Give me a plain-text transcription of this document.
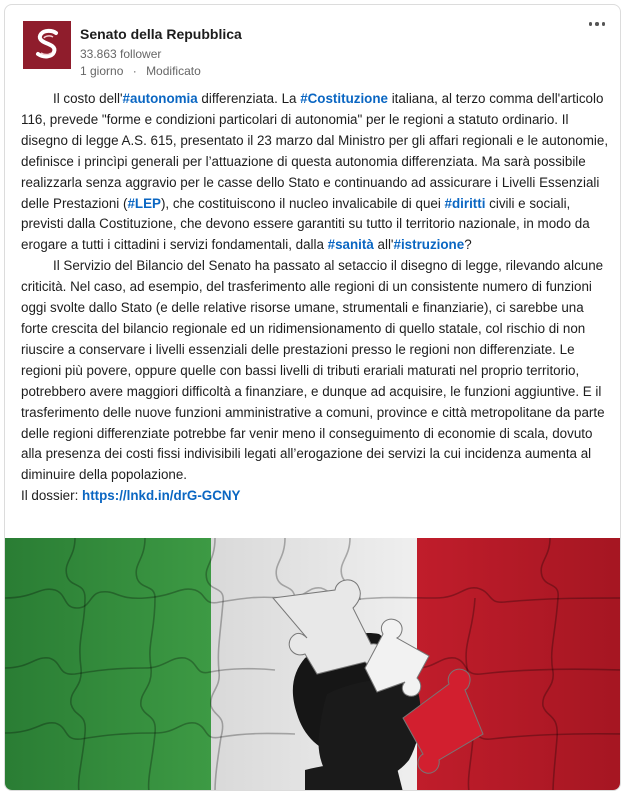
Senato della Repubblica
33.863 follower
1 giorno · Modificato

Il costo dell'#autonomia differenziata. La #Costituzione italiana, al terzo comma dell'articolo 116, prevede "forme e condizioni particolari di autonomia" per le regioni a statuto ordinario. Il disegno di legge A.S. 615, presentato il 23 marzo dal Ministro per gli affari regionali e le autonomie, definisce i princìpi generali per l’attuazione di questa autonomia differenziata. Ma sarà possibile realizzarla senza aggravio per le casse dello Stato e continuando ad assicurare i Livelli Essenziali delle Prestazioni (#LEP), che costituiscono il nucleo invalicabile di quei #diritti civili e sociali, previsti dalla Costituzione, che devono essere garantiti su tutto il territorio nazionale, in modo da erogare a tutti i cittadini i servizi fondamentali, dalla #sanità all'#istruzione?

Il Servizio del Bilancio del Senato ha passato al setaccio il disegno di legge, rilevando alcune criticità. Nel caso, ad esempio, del trasferimento alle regioni di un consistente numero di funzioni oggi svolte dallo Stato (e delle relative risorse umane, strumentali e finanziarie), ci sarebbe una forte crescita del bilancio regionale ed un ridimensionamento di quello statale, col rischio di non riuscire a conservare i livelli essenziali delle prestazioni presso le regioni non differenziate. Le regioni più povere, oppure quelle con bassi livelli di tributi erariali maturati nel proprio territorio, potrebbero avere maggiori difficoltà a finanziare, e dunque ad acquisire, le funzioni aggiuntive. E il trasferimento delle nuove funzioni amministrative a comuni, province e città metropolitane da parte delle regioni differenziate potrebbe far venir meno il conseguimento di economie di scala, dovuto alla presenza dei costi fissi indivisibili legati all’erogazione dei servizi la cui incidenza aumenta al diminuire della popolazione.

Il dossier: https://lnkd.in/drG-GCNY
